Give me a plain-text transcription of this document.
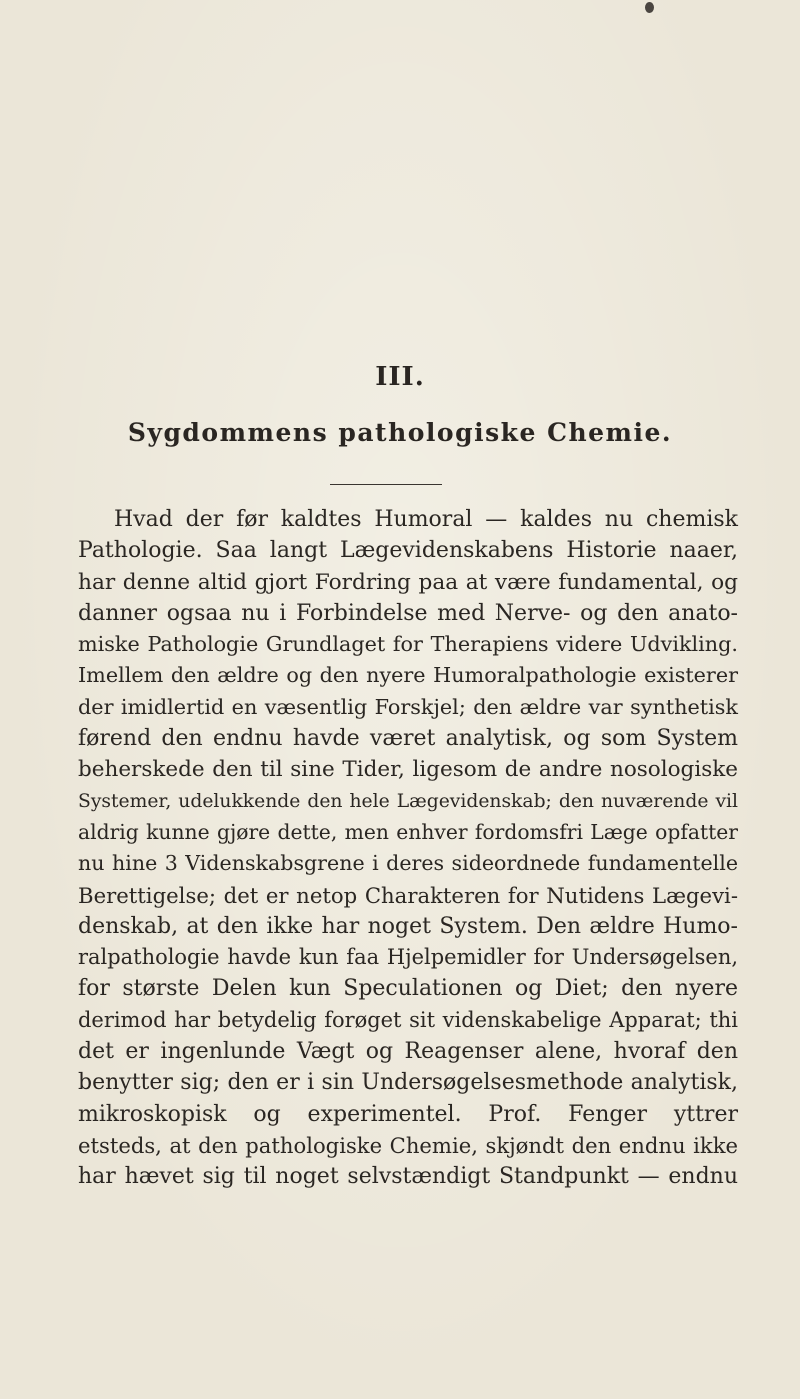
III.
Sygdommens pathologiske Chemie.
Hvad der før kaldtes Humoral — kaldes nu chemisk
Pathologie. Saa langt Lægevidenskabens Historie naaer,
har denne altid gjort Fordring paa at være fundamental, og
danner ogsaa nu i Forbindelse med Nerve- og den anato-
miske Pathologie Grundlaget for Therapiens videre Udvikling.
Imellem den ældre og den nyere Humoralpathologie existerer
der imidlertid en væsentlig Forskjel; den ældre var synthetisk
førend den endnu havde været analytisk, og som System
beherskede den til sine Tider, ligesom de andre nosologiske
Systemer, udelukkende den hele Lægevidenskab; den nuværende vil
aldrig kunne gjøre dette, men enhver fordomsfri Læge opfatter
nu hine 3 Videnskabsgrene i deres sideordnede fundamentelle
Berettigelse; det er netop Charakteren for Nutidens Lægevi-
denskab, at den ikke har noget System. Den ældre Humo-
ralpathologie havde kun faa Hjelpemidler for Undersøgelsen,
for største Delen kun Speculationen og Diet; den nyere
derimod har betydelig forøget sit videnskabelige Apparat; thi
det er ingenlunde Vægt og Reagenser alene, hvoraf den
benytter sig; den er i sin Undersøgelsesmethode analytisk,
mikroskopisk og experimentel. Prof. Fenger yttrer
etsteds, at den pathologiske Chemie, skjøndt den endnu ikke
har hævet sig til noget selvstændigt Standpunkt — endnu
